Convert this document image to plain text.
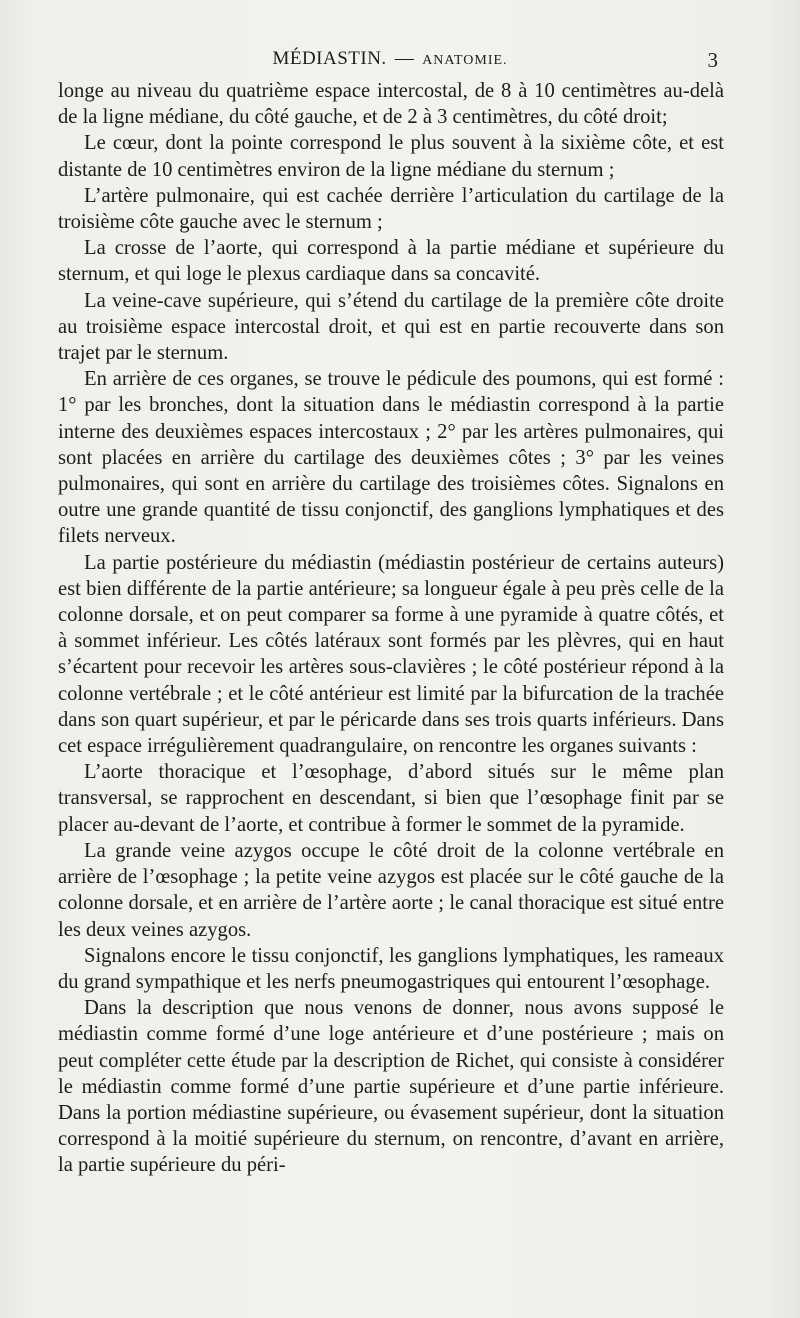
MÉDIASTIN. — ANATOMIE.	3

longe au niveau du quatrième espace intercostal, de 8 à 10 centimètres au-delà de la ligne médiane, du côté gauche, et de 2 à 3 centimètres, du côté droit;

Le cœur, dont la pointe correspond le plus souvent à la sixième côte, et est distante de 10 centimètres environ de la ligne médiane du sternum ;

L’artère pulmonaire, qui est cachée derrière l’articulation du cartilage de la troisième côte gauche avec le sternum ;

La crosse de l’aorte, qui correspond à la partie médiane et supérieure du sternum, et qui loge le plexus cardiaque dans sa concavité.

La veine-cave supérieure, qui s’étend du cartilage de la première côte droite au troisième espace intercostal droit, et qui est en partie recouverte dans son trajet par le sternum.

En arrière de ces organes, se trouve le pédicule des poumons, qui est formé : 1° par les bronches, dont la situation dans le médiastin correspond à la partie interne des deuxièmes espaces intercostaux ; 2° par les artères pulmonaires, qui sont placées en arrière du cartilage des deuxièmes côtes ; 3° par les veines pulmonaires, qui sont en arrière du cartilage des troisièmes côtes. Signalons en outre une grande quantité de tissu conjonctif, des ganglions lymphatiques et des filets nerveux.

La partie postérieure du médiastin (médiastin postérieur de certains auteurs) est bien différente de la partie antérieure; sa longueur égale à peu près celle de la colonne dorsale, et on peut comparer sa forme à une pyramide à quatre côtés, et à sommet inférieur. Les côtés latéraux sont formés par les plèvres, qui en haut s’écartent pour recevoir les artères sous-clavières ; le côté postérieur répond à la colonne vertébrale ; et le côté antérieur est limité par la bifurcation de la trachée dans son quart supérieur, et par le péricarde dans ses trois quarts inférieurs. Dans cet espace irrégulièrement quadrangulaire, on rencontre les organes suivants :

L’aorte thoracique et l’œsophage, d’abord situés sur le même plan transversal, se rapprochent en descendant, si bien que l’œsophage finit par se placer au-devant de l’aorte, et contribue à former le sommet de la pyramide.

La grande veine azygos occupe le côté droit de la colonne vertébrale en arrière de l’œsophage ; la petite veine azygos est placée sur le côté gauche de la colonne dorsale, et en arrière de l’artère aorte ; le canal thoracique est situé entre les deux veines azygos.

Signalons encore le tissu conjonctif, les ganglions lymphatiques, les rameaux du grand sympathique et les nerfs pneumogastriques qui entourent l’œsophage.

Dans la description que nous venons de donner, nous avons supposé le médiastin comme formé d’une loge antérieure et d’une postérieure ; mais on peut compléter cette étude par la description de Richet, qui consiste à considérer le médiastin comme formé d’une partie supérieure et d’une partie inférieure. Dans la portion médiastine supérieure, ou évasement supérieur, dont la situation correspond à la moitié supérieure du sternum, on rencontre, d’avant en arrière, la partie supérieure du péri-
